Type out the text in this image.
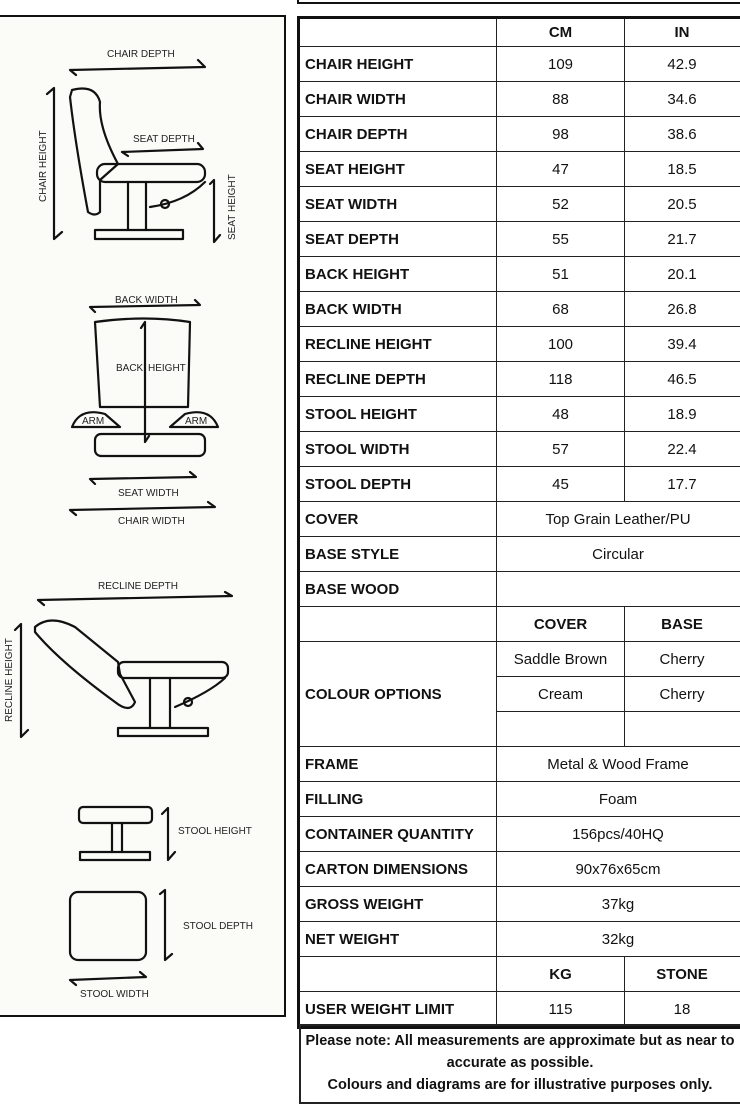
CHAIR DEPTH
CHAIR HEIGHT	SEAT DEPTH
SEAT HEIGHT
BACK WIDTH
BACK HEIGHT
ARM	ARM
SEAT WIDTH
CHAIR WIDTH
RECLINE DEPTH
RECLINE HEIGHT
STOOL HEIGHT
STOOL DEPTH
STOOL WIDTH
	CM	IN
CHAIR HEIGHT	109	42.9
CHAIR WIDTH	88	34.6
CHAIR DEPTH	98	38.6
SEAT HEIGHT	47	18.5
SEAT WIDTH	52	20.5
SEAT DEPTH	55	21.7
BACK HEIGHT	51	20.1
BACK WIDTH	68	26.8
RECLINE HEIGHT	100	39.4
RECLINE DEPTH	118	46.5
STOOL HEIGHT	48	18.9
STOOL WIDTH	57	22.4
STOOL DEPTH	45	17.7
COVER	Top Grain Leather/PU	
BASE STYLE	Circular	
BASE WOOD		
	COVER	BASE
COLOUR OPTIONS	Saddle Brown	Cherry
	Cream	Cherry

FRAME	Metal & Wood Frame	
FILLING	Foam	
CONTAINER QUANTITY	156pcs/40HQ	
CARTON DIMENSIONS	90x76x65cm	
GROSS WEIGHT	37kg	
NET WEIGHT	32kg	
	KG	STONE
USER WEIGHT LIMIT	115	18
Please note: All measurements are approximate but as near to accurate as possible.
Colours and diagrams are for illustrative purposes only.
